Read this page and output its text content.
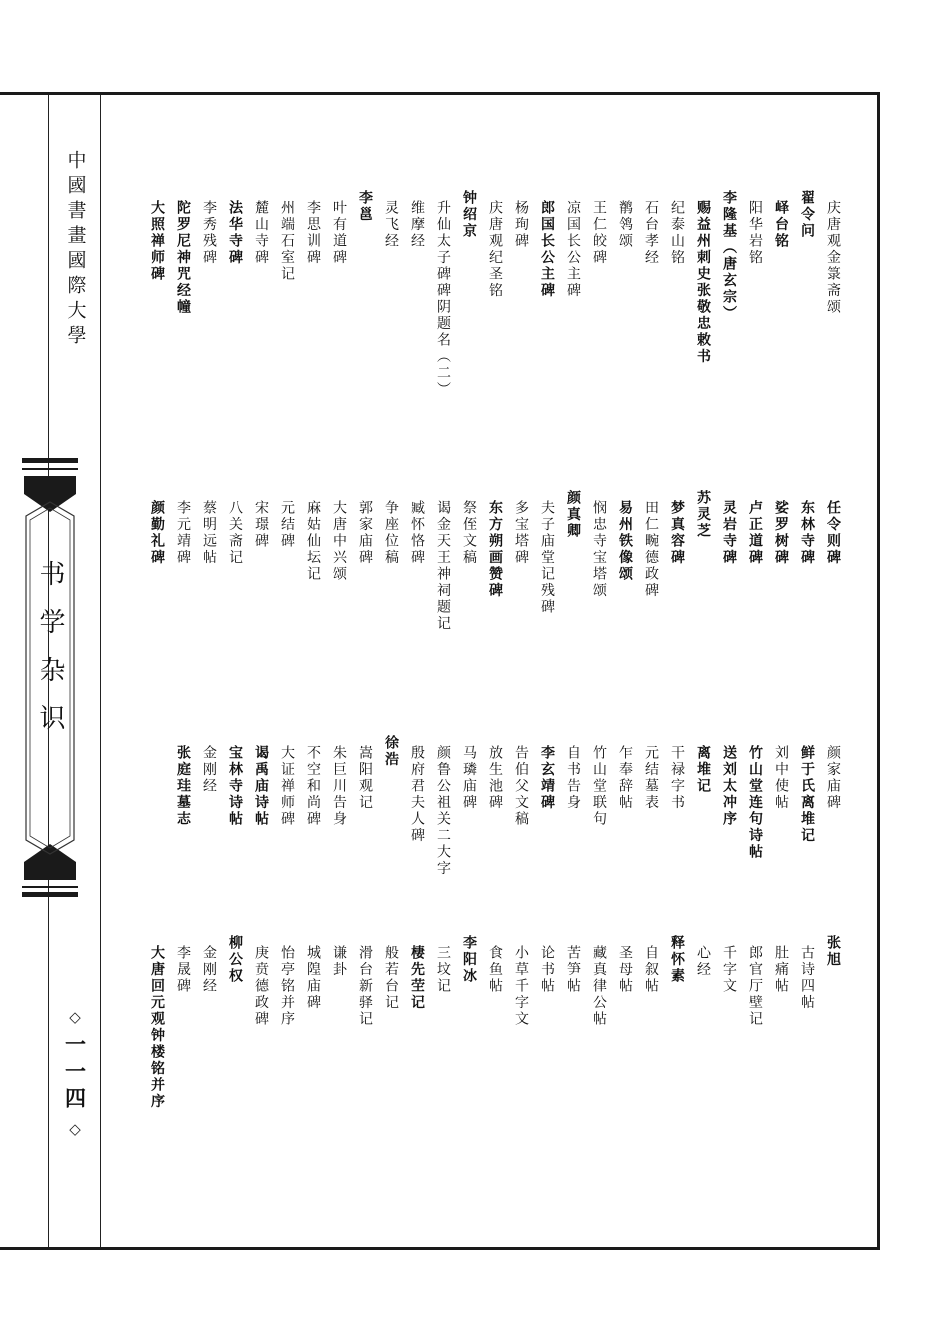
中國書畫國際大學
书学杂识
◇
一一四
◇
庆唐观金箓斋颂
翟令问
峄台铭
阳华岩铭
李隆基（唐玄宗）
赐益州刺史张敬忠敕书
纪泰山铭
石台孝经
鹡鸰颂
王仁皎碑
凉国长公主碑
郎国长公主碑
杨珣碑
庆唐观纪圣铭
钟绍京
升仙太子碑碑阴题名（二）
维摩经
灵飞经
李邕
叶有道碑
李思训碑
州端石室记
麓山寺碑
法华寺碑
李秀残碑
陀罗尼神咒经幢
大照禅师碑
任令则碑
东林寺碑
娑罗树碑
卢正道碑
灵岩寺碑
苏灵芝
梦真容碑
田仁畹德政碑
易州铁像颂
悯忠寺宝塔颂
颜真卿
夫子庙堂记残碑
多宝塔碑
东方朔画赞碑
祭侄文稿
谒金天王神祠题记
臧怀恪碑
争座位稿
郭家庙碑
大唐中兴颂
麻姑仙坛记
元结碑
宋璟碑
八关斋记
蔡明远帖
李元靖碑
颜勤礼碑
颜家庙碑
鲜于氏离堆记
刘中使帖
竹山堂连句诗帖
送刘太冲序
离堆记
干禄字书
元结墓表
乍奉辞帖
竹山堂联句
自书告身
李玄靖碑
告伯父文稿
放生池碑
马璘庙碑
颜鲁公祖关二大字
殷府君夫人碑
徐浩
嵩阳观记
朱巨川告身
不空和尚碑
大证禅师碑
谒禹庙诗帖
宝林寺诗帖
金刚经
张庭珪墓志
张旭
古诗四帖
肚痛帖
郎官厅壁记
千字文
心经
释怀素
自叙帖
圣母帖
藏真律公帖
苦笋帖
论书帖
小草千字文
食鱼帖
李阳冰
三坟记
棲先茔记
般若台记
滑台新驿记
谦卦
城隍庙碑
怡亭铭并序
庚贲德政碑
柳公权
金刚经
李晟碑
大唐回元观钟楼铭并序
